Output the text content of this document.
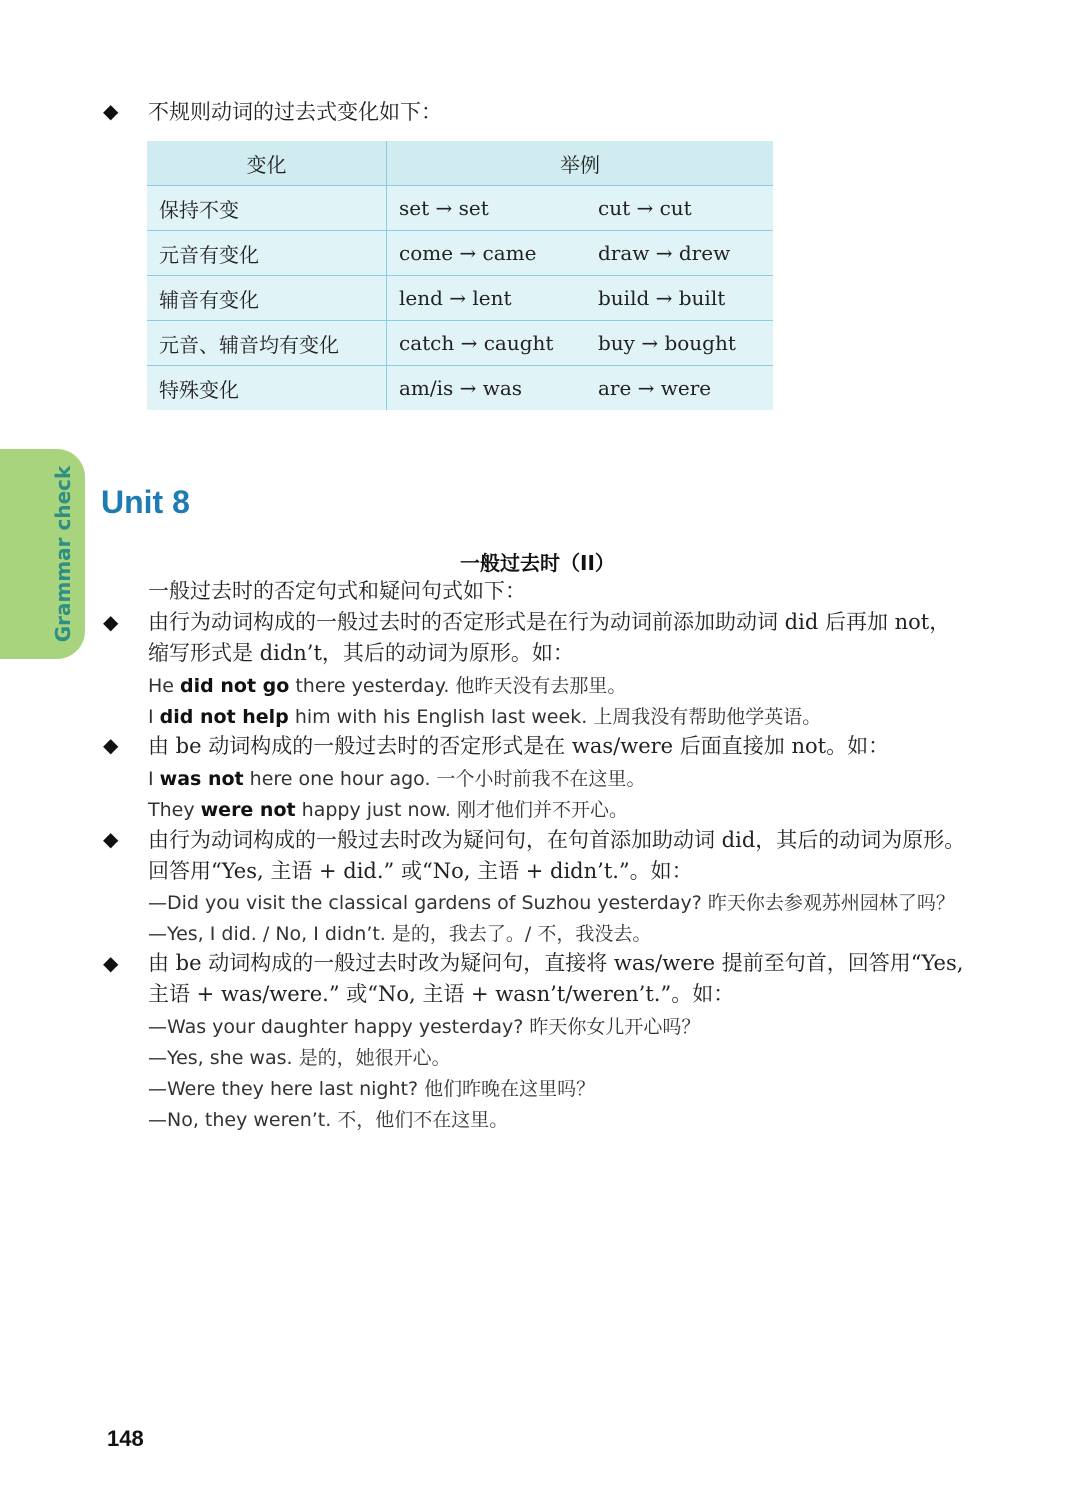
◆ 不规则动词的过去式变化如下：
变化	举例	
保持不变	set → set	cut → cut
元音有变化	come → came	draw → drew
辅音有变化	lend → lent	build → built
元音、辅音均有变化	catch → caught	buy → bought
特殊变化	am/is → was	are → were
Grammar check Unit 8
一般过去时（II）
一般过去时的否定句式和疑问句式如下：
◆ 由行为动词构成的一般过去时的否定形式是在行为动词前添加助动词 did 后再加 not，
缩写形式是 didn’t，其后的动词为原形。如：
He did not go there yesterday. 他昨天没有去那里。
I did not help him with his English last week. 上周我没有帮助他学英语。
◆ 由 be 动词构成的一般过去时的否定形式是在 was/were 后面直接加 not。如：
I was not here one hour ago. 一个小时前我不在这里。
They were not happy just now. 刚才他们并不开心。
◆ 由行为动词构成的一般过去时改为疑问句，在句首添加助动词 did，其后的动词为原形。
回答用“Yes, 主语 + did.” 或“No, 主语 + didn’t.”。如：
—Did you visit the classical gardens of Suzhou yesterday? 昨天你去参观苏州园林了吗？
—Yes, I did. / No, I didn’t. 是的，我去了。/ 不，我没去。
◆ 由 be 动词构成的一般过去时改为疑问句，直接将 was/were 提前至句首，回答用“Yes,
主语 + was/were.” 或“No, 主语 + wasn’t/weren’t.”。如：
—Was your daughter happy yesterday? 昨天你女儿开心吗？
—Yes, she was. 是的，她很开心。
—Were they here last night? 他们昨晚在这里吗？
—No, they weren’t. 不，他们不在这里。
148
